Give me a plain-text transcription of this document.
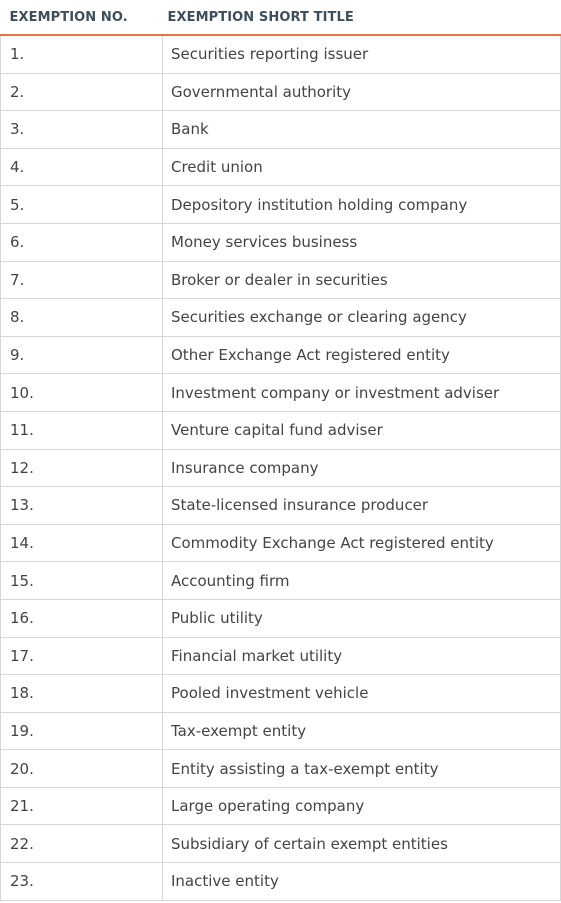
EXEMPTION NO.	EXEMPTION SHORT TITLE
1.	Securities reporting issuer
2.	Governmental authority
3.	Bank
4.	Credit union
5.	Depository institution holding company
6.	Money services business
7.	Broker or dealer in securities
8.	Securities exchange or clearing agency
9.	Other Exchange Act registered entity
10.	Investment company or investment adviser
11.	Venture capital fund adviser
12.	Insurance company
13.	State-licensed insurance producer
14.	Commodity Exchange Act registered entity
15.	Accounting firm
16.	Public utility
17.	Financial market utility
18.	Pooled investment vehicle
19.	Tax-exempt entity
20.	Entity assisting a tax-exempt entity
21.	Large operating company
22.	Subsidiary of certain exempt entities
23.	Inactive entity
